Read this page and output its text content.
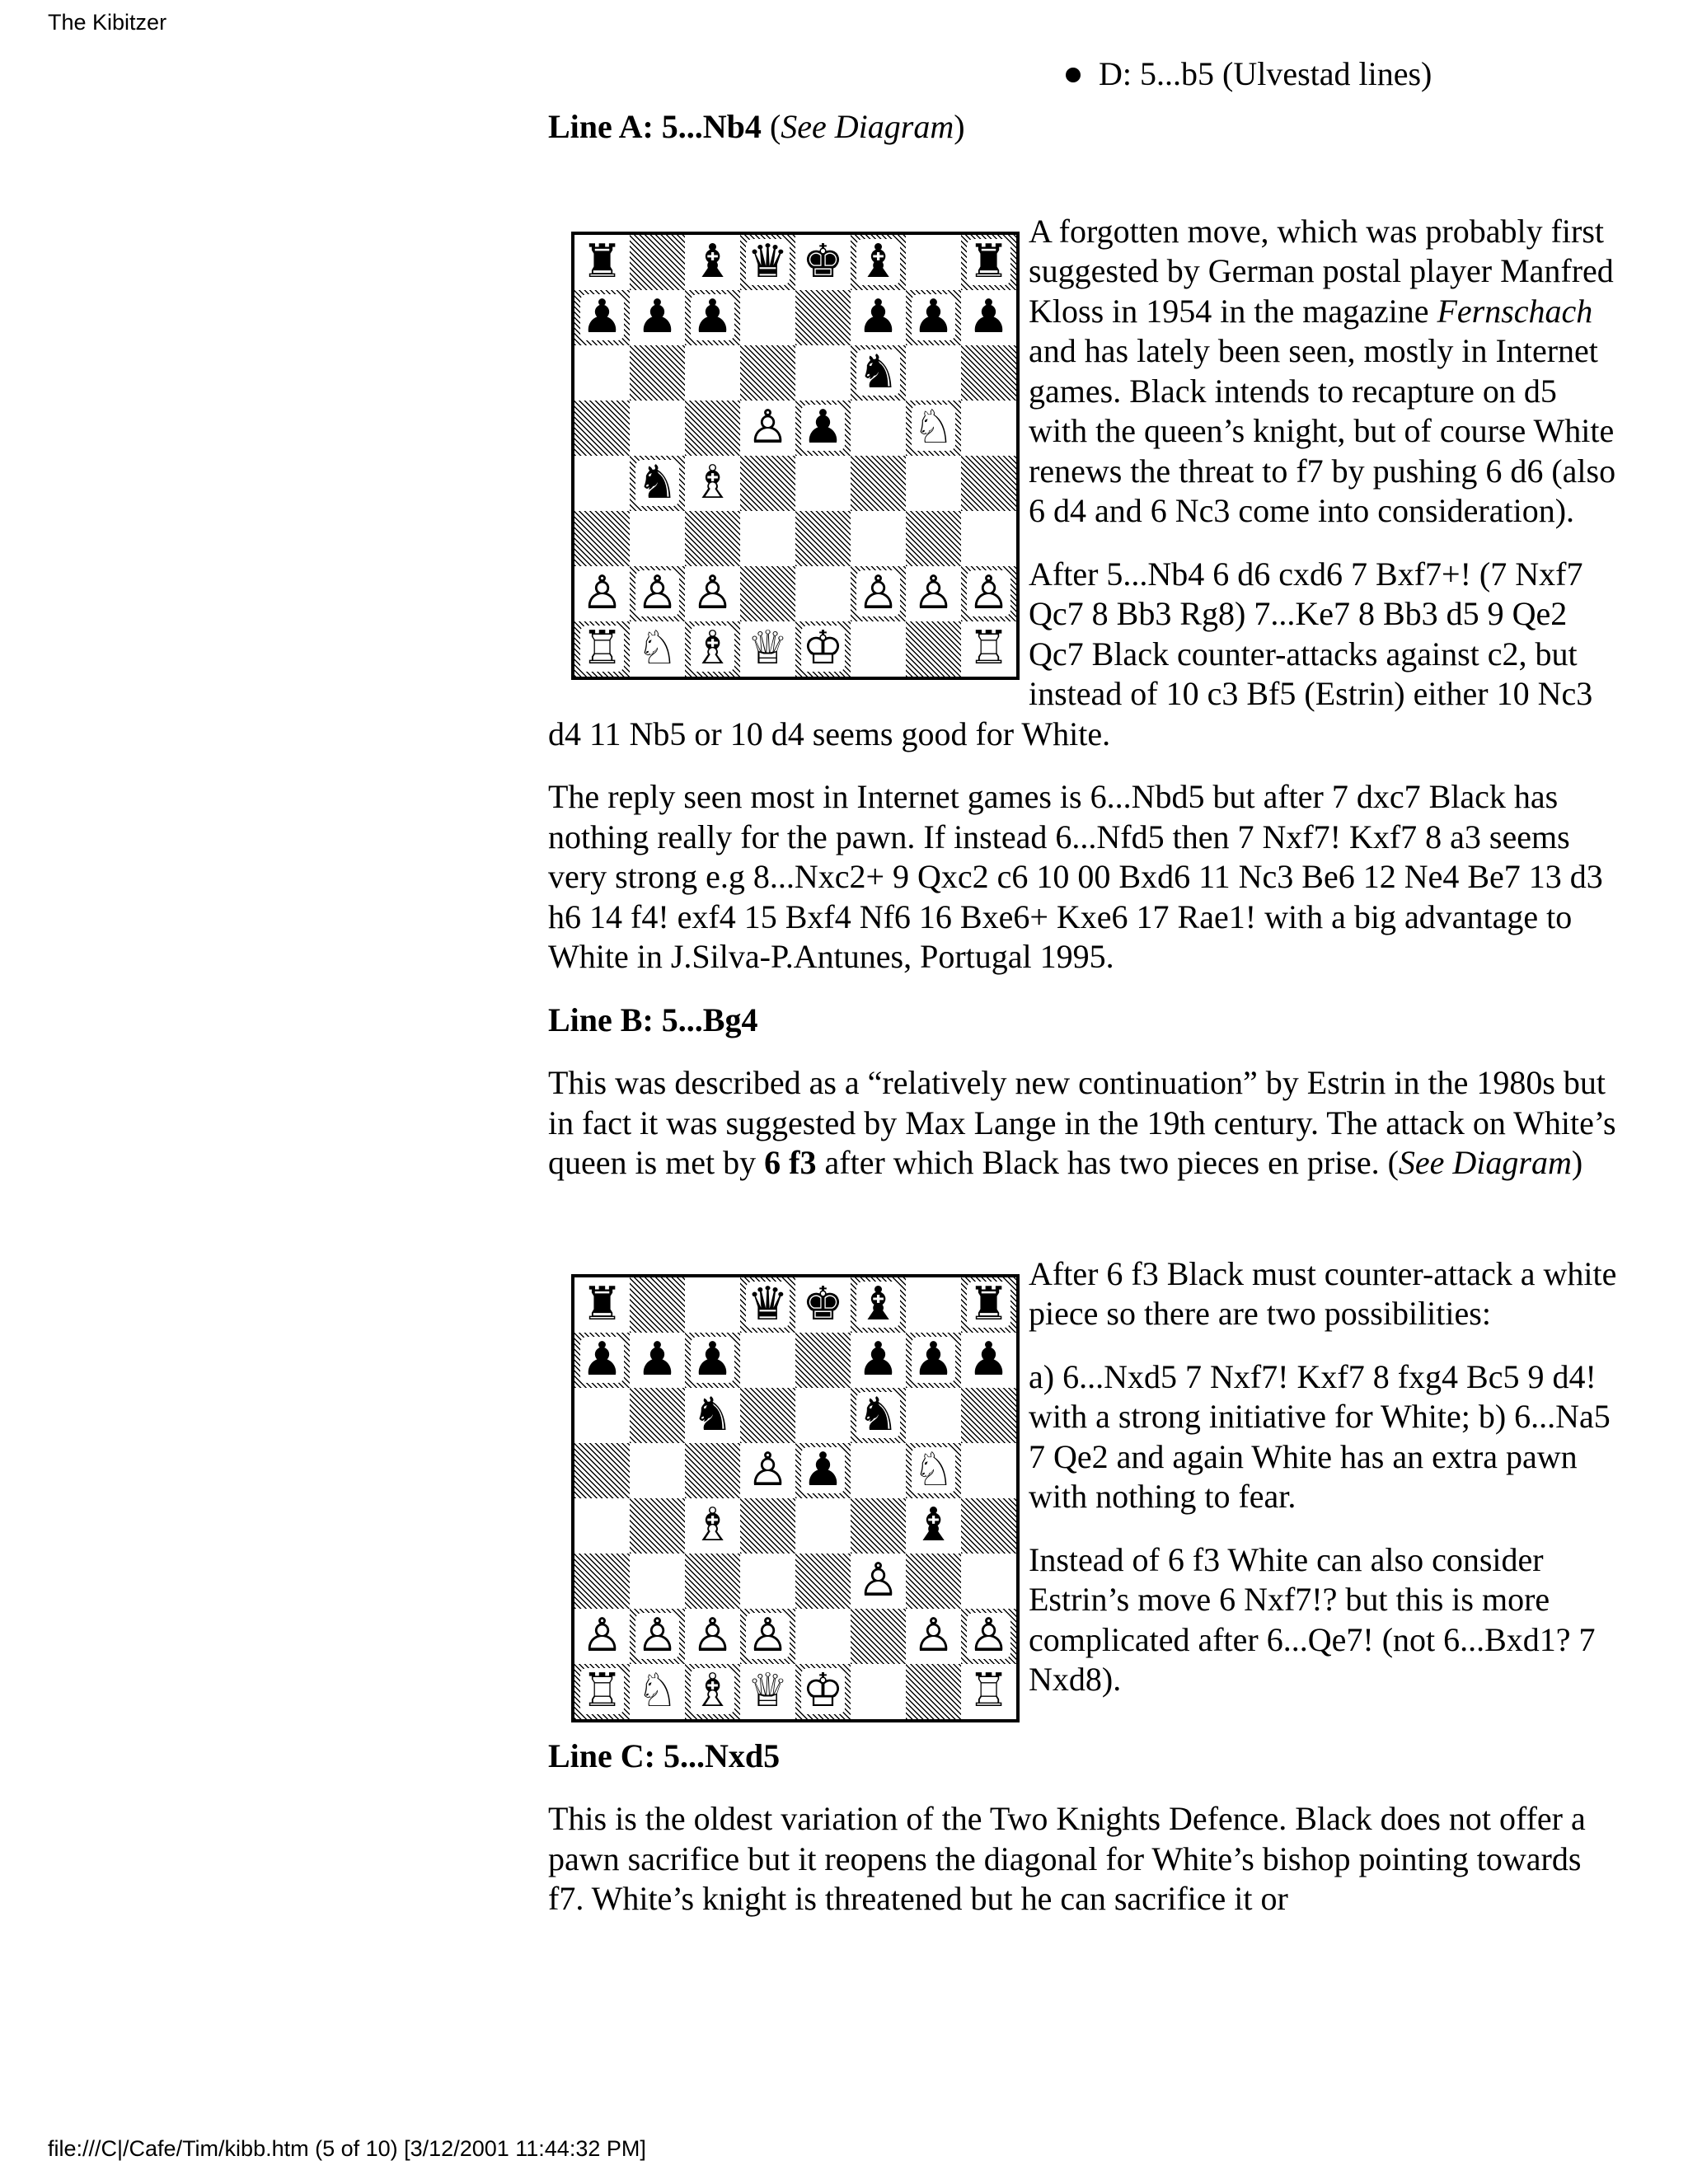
The Kibitzer
D: 5...b5 (Ulvestad lines)

Line A: 5...Nb4 (See Diagram)

♜ ♝ ♛ ♚ ♝ ♜
♟ ♟ ♟	♟ ♟ ♟
♞
♙ ♟ ♘
♞ ♗
♙ ♙ ♙	♙ ♙ ♙
♖ ♘ ♗ ♕ ♔	♖

A forgotten move, which was probably first suggested by German postal player Manfred Kloss in 1954 in the magazine Fernschach and has lately been seen, mostly in Internet games. Black intends to recapture on d5 with the queen’s knight, but of course White renews the threat to f7 by pushing 6 d6 (also 6 d4 and 6 Nc3 come into consideration).

After 5...Nb4 6 d6 cxd6 7 Bxf7+! (7 Nxf7 Qc7 8 Bb3 Rg8) 7...Ke7 8 Bb3 d5 9 Qe2 Qc7 Black counter-attacks against c2, but instead of 10 c3 Bf5 (Estrin) either 10 Nc3 d4 11 Nb5 or 10 d4 seems good for White.

The reply seen most in Internet games is 6...Nbd5 but after 7 dxc7 Black has nothing really for the pawn. If instead 6...Nfd5 then 7 Nxf7! Kxf7 8 a3 seems very strong e.g 8...Nxc2+ 9 Qxc2 c6 10 00 Bxd6 11 Nc3 Be6 12 Ne4 Be7 13 d3 h6 14 f4! exf4 15 Bxf4 Nf6 16 Bxe6+ Kxe6 17 Rae1! with a big advantage to White in J.Silva-P.Antunes, Portugal 1995.

Line B: 5...Bg4

This was described as a “relatively new continuation” by Estrin in the 1980s but in fact it was suggested by Max Lange in the 19th century. The attack on White’s queen is met by 6 f3 after which Black has two pieces en prise. (See Diagram)

♜	♛ ♚ ♝ ♜
♟ ♟ ♟	♟ ♟ ♟
♞	♞
♙ ♟ ♘
♗	♝
♙
♙ ♙ ♙ ♙	♙ ♙
♖ ♘ ♗ ♕ ♔	♖

After 6 f3 Black must counter-attack a white piece so there are two possibilities:

a) 6...Nxd5 7 Nxf7! Kxf7 8 fxg4 Bc5 9 d4! with a strong initiative for White; b) 6...Na5 7 Qe2 and again White has an extra pawn with nothing to fear.

Instead of 6 f3 White can also consider Estrin’s move 6 Nxf7!? but this is more complicated after 6...Qe7! (not 6...Bxd1? 7 Nxd8).

Line C: 5...Nxd5

This is the oldest variation of the Two Knights Defence. Black does not offer a pawn sacrifice but it reopens the diagonal for White’s bishop pointing towards f7. White’s knight is threatened but he can sacrifice it or

file:///C|/Cafe/Tim/kibb.htm (5 of 10) [3/12/2001 11:44:32 PM]
